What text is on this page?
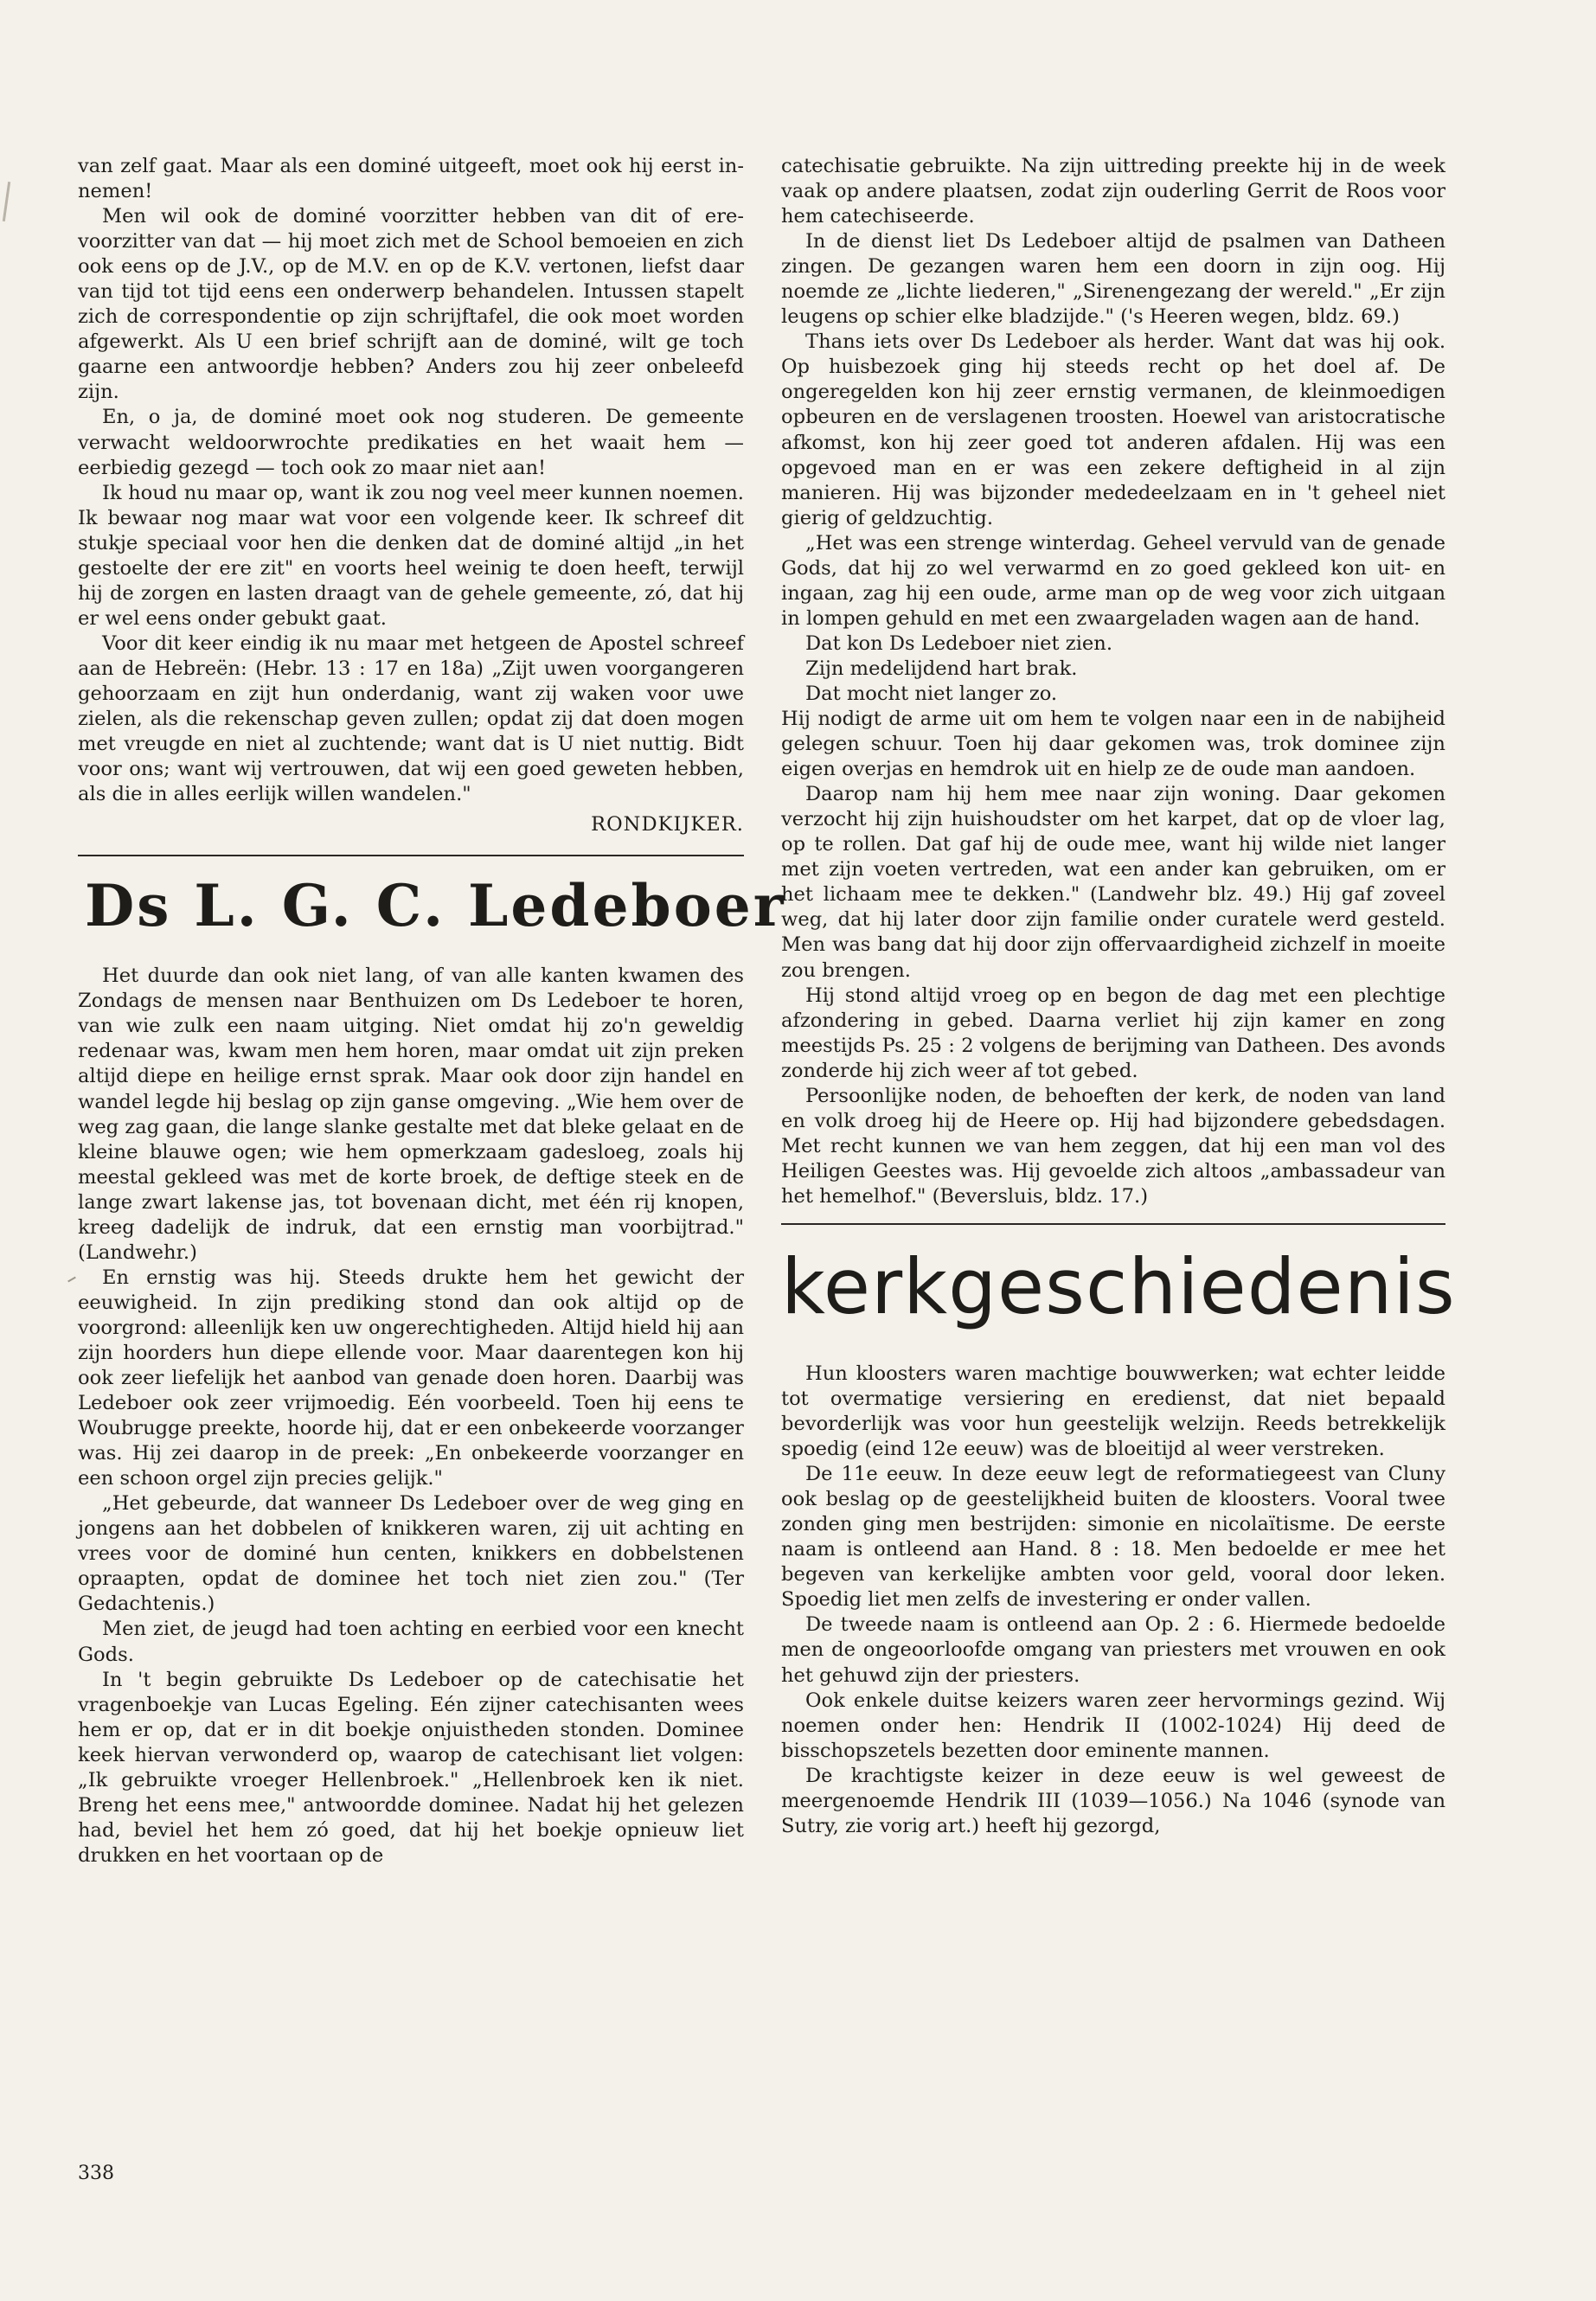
van zelf gaat. Maar als een dominé uitgeeft, moet ook hij eerst in-nemen!

Men wil ook de dominé voorzitter hebben van dit of ere-voorzitter van dat — hij moet zich met de School bemoeien en zich ook eens op de J.V., op de M.V. en op de K.V. vertonen, liefst daar van tijd tot tijd eens een onderwerp behandelen. Intussen stapelt zich de correspondentie op zijn schrijftafel, die ook moet worden afgewerkt. Als U een brief schrijft aan de dominé, wilt ge toch gaarne een antwoordje hebben? Anders zou hij zeer onbeleefd zijn.

En, o ja, de dominé moet ook nog studeren. De gemeente verwacht weldoorwrochte predikaties en het waait hem — eerbiedig gezegd — toch ook zo maar niet aan!

Ik houd nu maar op, want ik zou nog veel meer kunnen noemen. Ik bewaar nog maar wat voor een volgende keer. Ik schreef dit stukje speciaal voor hen die denken dat de dominé altijd „in het gestoelte der ere zit" en voorts heel weinig te doen heeft, terwijl hij de zorgen en lasten draagt van de gehele gemeente, zó, dat hij er wel eens onder gebukt gaat.

Voor dit keer eindig ik nu maar met hetgeen de Apostel schreef aan de Hebreën: (Hebr. 13 : 17 en 18a) „Zijt uwen voorgangeren gehoorzaam en zijt hun onderdanig, want zij waken voor uwe zielen, als die rekenschap geven zullen; opdat zij dat doen mogen met vreugde en niet al zuchtende; want dat is U niet nuttig. Bidt voor ons; want wij vertrouwen, dat wij een goed geweten hebben, als die in alles eerlijk willen wandelen."

RONDKIJKER.
Ds L. G. C. Ledeboer

Het duurde dan ook niet lang, of van alle kanten kwamen des Zondags de mensen naar Benthuizen om Ds Ledeboer te horen, van wie zulk een naam uitging. Niet omdat hij zo'n geweldig redenaar was, kwam men hem horen, maar omdat uit zijn preken altijd diepe en heilige ernst sprak. Maar ook door zijn handel en wandel legde hij beslag op zijn ganse omgeving. „Wie hem over de weg zag gaan, die lange slanke gestalte met dat bleke gelaat en de kleine blauwe ogen; wie hem opmerkzaam gadesloeg, zoals hij meestal gekleed was met de korte broek, de deftige steek en de lange zwart lakense jas, tot bovenaan dicht, met één rij knopen, kreeg dadelijk de indruk, dat een ernstig man voorbijtrad." (Landwehr.)

En ernstig was hij. Steeds drukte hem het gewicht der eeuwigheid. In zijn prediking stond dan ook altijd op de voorgrond: alleenlijk ken uw ongerechtigheden. Altijd hield hij aan zijn hoorders hun diepe ellende voor. Maar daarentegen kon hij ook zeer liefelijk het aanbod van genade doen horen. Daarbij was Ledeboer ook zeer vrijmoedig. Eén voorbeeld. Toen hij eens te Woubrugge preekte, hoorde hij, dat er een onbekeerde voorzanger was. Hij zei daarop in de preek: „En onbekeerde voorzanger en een schoon orgel zijn precies gelijk."

„Het gebeurde, dat wanneer Ds Ledeboer over de weg ging en jongens aan het dobbelen of knikkeren waren, zij uit achting en vrees voor de dominé hun centen, knikkers en dobbelstenen opraapten, opdat de dominee het toch niet zien zou." (Ter Gedachtenis.)

Men ziet, de jeugd had toen achting en eerbied voor een knecht Gods.

In 't begin gebruikte Ds Ledeboer op de catechisatie het vragenboekje van Lucas Egeling. Eén zijner catechisanten wees hem er op, dat er in dit boekje onjuistheden stonden. Dominee keek hiervan verwonderd op, waarop de catechisant liet volgen: „Ik gebruikte vroeger Hellenbroek." „Hellenbroek ken ik niet. Breng het eens mee," antwoordde dominee. Nadat hij het gelezen had, beviel het hem zó goed, dat hij het boekje opnieuw liet drukken en het voortaan op de

catechisatie gebruikte. Na zijn uittreding preekte hij in de week vaak op andere plaatsen, zodat zijn ouderling Gerrit de Roos voor hem catechiseerde.

In de dienst liet Ds Ledeboer altijd de psalmen van Datheen zingen. De gezangen waren hem een doorn in zijn oog. Hij noemde ze „lichte liederen," „Sirenengezang der wereld." „Er zijn leugens op schier elke bladzijde." ('s Heeren wegen, bldz. 69.)

Thans iets over Ds Ledeboer als herder. Want dat was hij ook. Op huisbezoek ging hij steeds recht op het doel af. De ongeregelden kon hij zeer ernstig vermanen, de kleinmoedigen opbeuren en de verslagenen troosten. Hoewel van aristocratische afkomst, kon hij zeer goed tot anderen afdalen. Hij was een opgevoed man en er was een zekere deftigheid in al zijn manieren. Hij was bijzonder mededeelzaam en in 't geheel niet gierig of geldzuchtig.

„Het was een strenge winterdag. Geheel vervuld van de genade Gods, dat hij zo wel verwarmd en zo goed gekleed kon uit- en ingaan, zag hij een oude, arme man op de weg voor zich uitgaan in lompen gehuld en met een zwaargeladen wagen aan de hand.

Dat kon Ds Ledeboer niet zien.

Zijn medelijdend hart brak.

Dat mocht niet langer zo.

Hij nodigt de arme uit om hem te volgen naar een in de nabijheid gelegen schuur. Toen hij daar gekomen was, trok dominee zijn eigen overjas en hemdrok uit en hielp ze de oude man aandoen.

Daarop nam hij hem mee naar zijn woning. Daar gekomen verzocht hij zijn huishoudster om het karpet, dat op de vloer lag, op te rollen. Dat gaf hij de oude mee, want hij wilde niet langer met zijn voeten vertreden, wat een ander kan gebruiken, om er het lichaam mee te dekken." (Landwehr blz. 49.) Hij gaf zoveel weg, dat hij later door zijn familie onder curatele werd gesteld. Men was bang dat hij door zijn offervaardigheid zichzelf in moeite zou brengen.

Hij stond altijd vroeg op en begon de dag met een plechtige afzondering in gebed. Daarna verliet hij zijn kamer en zong meestijds Ps. 25 : 2 volgens de berijming van Datheen. Des avonds zonderde hij zich weer af tot gebed.

Persoonlijke noden, de behoeften der kerk, de noden van land en volk droeg hij de Heere op. Hij had bijzondere gebedsdagen. Met recht kunnen we van hem zeggen, dat hij een man vol des Heiligen Geestes was. Hij gevoelde zich altoos „ambassadeur van het hemelhof." (Beversluis, bldz. 17.)

kerkgeschiedenis

Hun kloosters waren machtige bouwwerken; wat echter leidde tot overmatige versiering en eredienst, dat niet bepaald bevorderlijk was voor hun geestelijk welzijn. Reeds betrekkelijk spoedig (eind 12e eeuw) was de bloeitijd al weer verstreken.

De 11e eeuw. In deze eeuw legt de reformatiegeest van Cluny ook beslag op de geestelijkheid buiten de kloosters. Vooral twee zonden ging men bestrijden: simonie en nicolaïtisme. De eerste naam is ontleend aan Hand. 8 : 18. Men bedoelde er mee het begeven van kerkelijke ambten voor geld, vooral door leken. Spoedig liet men zelfs de investering er onder vallen.

De tweede naam is ontleend aan Op. 2 : 6. Hiermede bedoelde men de ongeoorloofde omgang van priesters met vrouwen en ook het gehuwd zijn der priesters.

Ook enkele duitse keizers waren zeer hervormings gezind. Wij noemen onder hen: Hendrik II (1002-1024) Hij deed de bisschopszetels bezetten door eminente mannen.

De krachtigste keizer in deze eeuw is wel geweest de meergenoemde Hendrik III (1039—1056.) Na 1046 (synode van Sutry, zie vorig art.) heeft hij gezorgd,

338
